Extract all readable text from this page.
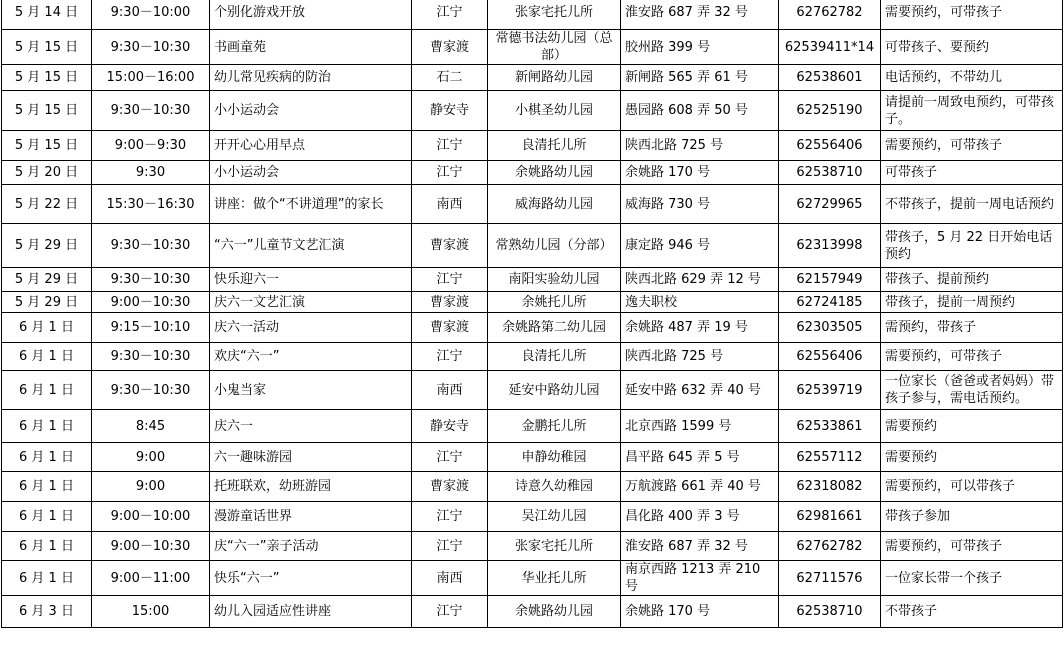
5 月 14 日	9:30－10:00	个别化游戏开放	江宁	张家宅托儿所	淮安路 687 弄 32 号	62762782	需要预约，可带孩子
5 月 15 日	9:30－10:30	书画童苑	曹家渡	常德书法幼儿园（总部）	胶州路 399 号	62539411*14	可带孩子、要预约
5 月 15 日	15:00－16:00	幼儿常见疾病的防治	石二	新闸路幼儿园	新闸路 565 弄 61 号	62538601	电话预约，不带幼儿
5 月 15 日	9:30－10:30	小小运动会	静安寺	小棋圣幼儿园	愚园路 608 弄 50 号	62525190	请提前一周致电预约，可带孩子。
5 月 15 日	9:00－9:30	开开心心用早点	江宁	良清托儿所	陕西北路 725 号	62556406	需要预约，可带孩子
5 月 20 日	9:30	小小运动会	江宁	余姚路幼儿园	余姚路 170 号	62538710	可带孩子
5 月 22 日	15:30－16:30	讲座：做个“不讲道理”的家长	南西	威海路幼儿园	威海路 730 号	62729965	不带孩子，提前一周电话预约
5 月 29 日	9:30－10:30	“六一”儿童节文艺汇演	曹家渡	常熟幼儿园（分部）	康定路 946 号	62313998	带孩子，5 月 22 日开始电话预约
5 月 29 日	9:30－10:30	快乐迎六一	江宁	南阳实验幼儿园	陕西北路 629 弄 12 号	62157949	带孩子、提前预约
5 月 29 日	9:00－10:30	庆六一文艺汇演	曹家渡	余姚托儿所	逸夫职校	62724185	带孩子，提前一周预约
6 月 1 日	9:15－10:10	庆六一活动	曹家渡	余姚路第二幼儿园	余姚路 487 弄 19 号	62303505	需预约，带孩子
6 月 1 日	9:30－10:30	欢庆“六一”	江宁	良清托儿所	陕西北路 725 号	62556406	需要预约，可带孩子
6 月 1 日	9:30－10:30	小鬼当家	南西	延安中路幼儿园	延安中路 632 弄 40 号	62539719	一位家长（爸爸或者妈妈）带孩子参与，需电话预约。
6 月 1 日	8:45	庆六一	静安寺	金鹏托儿所	北京西路 1599 号	62533861	需要预约
6 月 1 日	9:00	六一趣味游园	江宁	申静幼稚园	昌平路 645 弄 5 号	62557112	需要预约
6 月 1 日	9:00	托班联欢，幼班游园	曹家渡	诗意久幼稚园	万航渡路 661 弄 40 号	62318082	需要预约，可以带孩子
6 月 1 日	9:00－10:00	漫游童话世界	江宁	吴江幼儿园	昌化路 400 弄 3 号	62981661	带孩子参加
6 月 1 日	9:00－10:30	庆“六一”亲子活动	江宁	张家宅托儿所	淮安路 687 弄 32 号	62762782	需要预约，可带孩子
6 月 1 日	9:00－11:00	快乐“六一”	南西	华业托儿所	南京西路 1213 弄 210 号	62711576	一位家长带一个孩子
6 月 3 日	15:00	幼儿入园适应性讲座	江宁	余姚路幼儿园	余姚路 170 号	62538710	不带孩子
